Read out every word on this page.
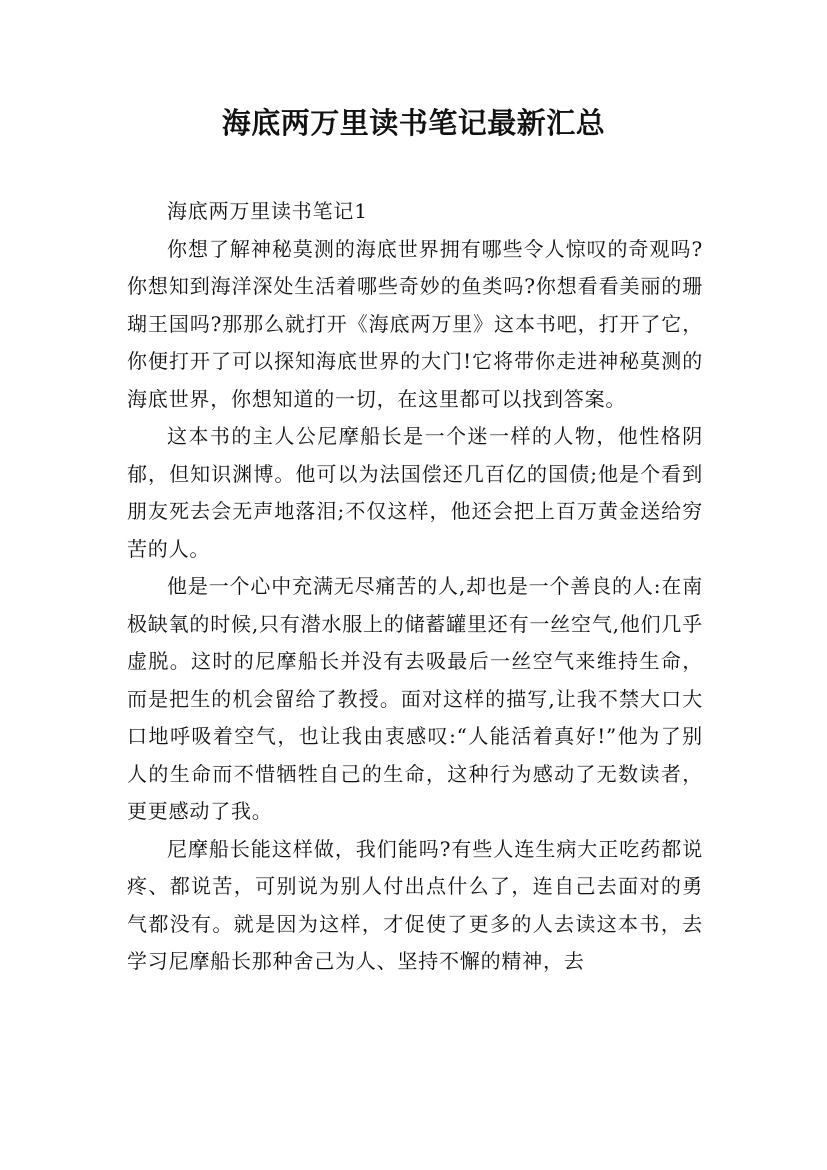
海底两万里读书笔记最新汇总

海底两万里读书笔记1

你想了解神秘莫测的海底世界拥有哪些令人惊叹的奇观吗?你想知到海洋深处生活着哪些奇妙的鱼类吗?你想看看美丽的珊瑚王国吗?那那么就打开《海底两万里》这本书吧，打开了它，你便打开了可以探知海底世界的大门!它将带你走进神秘莫测的海底世界，你想知道的一切，在这里都可以找到答案。

这本书的主人公尼摩船长是一个迷一样的人物，他性格阴郁，但知识渊博。他可以为法国偿还几百亿的国债;他是个看到朋友死去会无声地落泪;不仅这样，他还会把上百万黄金送给穷苦的人。

他是一个心中充满无尽痛苦的人,却也是一个善良的人:在南极缺氧的时候,只有潜水服上的储蓄罐里还有一丝空气,他们几乎虚脱。这时的尼摩船长并没有去吸最后一丝空气来维持生命，而是把生的机会留给了教授。面对这样的描写,让我不禁大口大口地呼吸着空气，也让我由衷感叹:“人能活着真好!”他为了别人的生命而不惜牺牲自己的生命，这种行为感动了无数读者，更更感动了我。

尼摩船长能这样做，我们能吗?有些人连生病大正吃药都说疼、都说苦，可别说为别人付出点什么了，连自己去面对的勇气都没有。就是因为这样，才促使了更多的人去读这本书，去学习尼摩船长那种舍己为人、坚持不懈的精神，去
